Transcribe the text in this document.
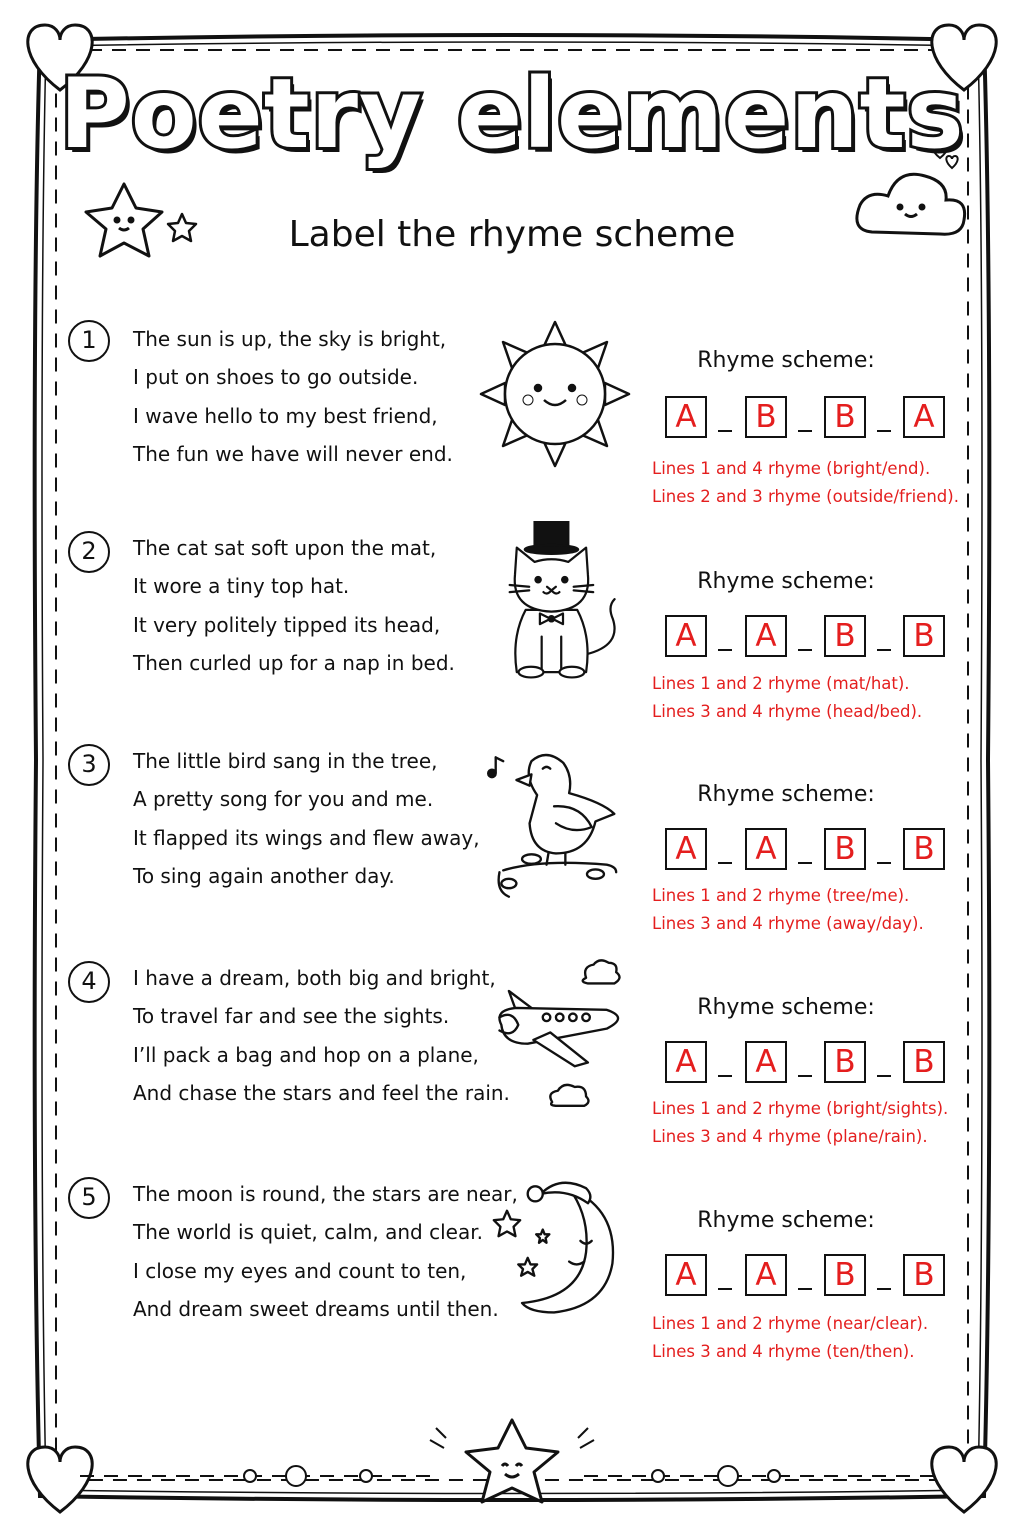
Poetry elements
Label the rhyme scheme
1	The sun is up, the sky is bright,
I put on shoes to go outside.
I wave hello to my best friend,
The fun we have will never end.
Rhyme scheme:
A	B	B	A
Lines 1 and 4 rhyme (bright/end).
Lines 2 and 3 rhyme (outside/friend).
2	The cat sat soft upon the mat,
It wore a tiny top hat.
It very politely tipped its head,
Then curled up for a nap in bed.
Rhyme scheme:
A	A	B	B
Lines 1 and 2 rhyme (mat/hat).
Lines 3 and 4 rhyme (head/bed).
3	The little bird sang in the tree,
A pretty song for you and me.
It flapped its wings and flew away,
To sing again another day.
Rhyme scheme:
A	A	B	B
Lines 1 and 2 rhyme (tree/me).
Lines 3 and 4 rhyme (away/day).
4	I have a dream, both big and bright,
To travel far and see the sights.
I’ll pack a bag and hop on a plane,
And chase the stars and feel the rain.
Rhyme scheme:
A	A	B	B
Lines 1 and 2 rhyme (bright/sights).
Lines 3 and 4 rhyme (plane/rain).
5	The moon is round, the stars are near,
The world is quiet, calm, and clear.
I close my eyes and count to ten,
And dream sweet dreams until then.
Rhyme scheme:
A	A	B	B
Lines 1 and 2 rhyme (near/clear).
Lines 3 and 4 rhyme (ten/then).
